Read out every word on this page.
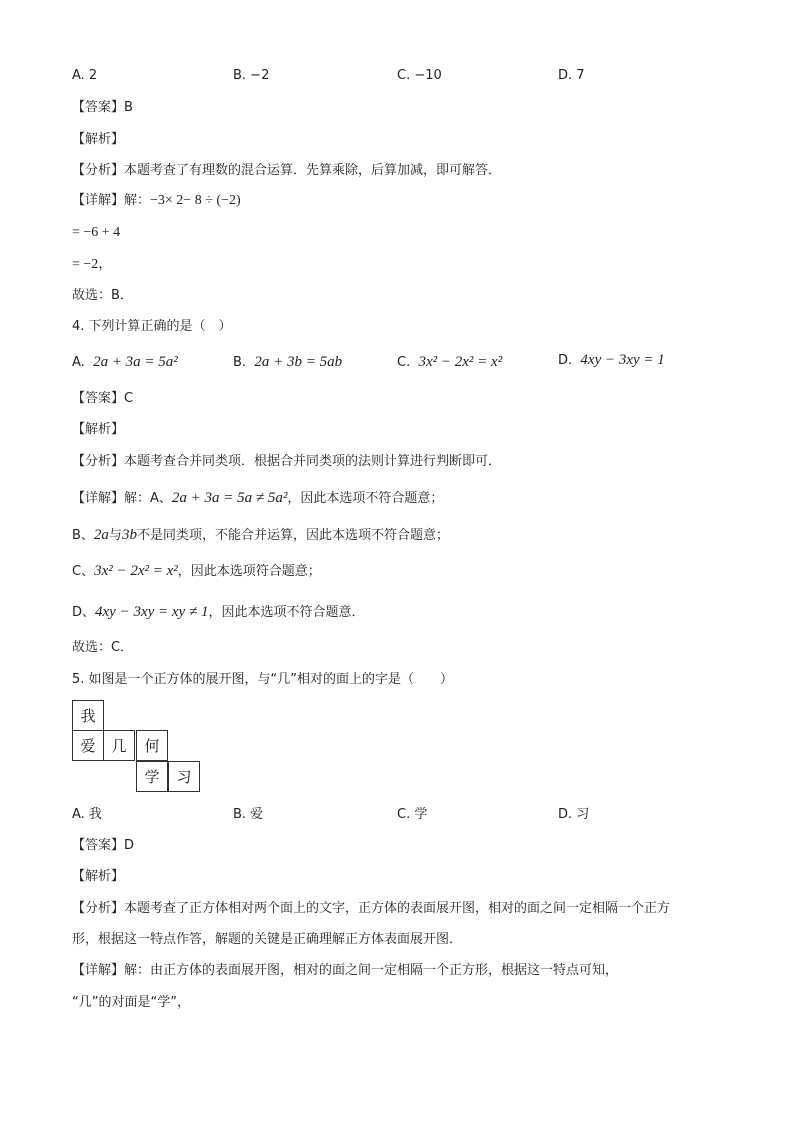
A. 2	B. −2	C. −10	D. 7
【答案】B
【解析】
【分析】本题考查了有理数的混合运算．先算乘除，后算加减，即可解答．
【详解】解：−3× 2− 8 ÷ (−2)
= −6 + 4
= −2，
故选：B．
4. 下列计算正确的是（　）
A. 2a + 3a = 5a²	B. 2a + 3b = 5ab	C. 3x² − 2x² = x²	D. 4xy − 3xy = 1
【答案】C
【解析】
【分析】本题考查合并同类项．根据合并同类项的法则计算进行判断即可．
【详解】解：A、2a + 3a = 5a ≠ 5a²，因此本选项不符合题意；
B、2a与3b不是同类项，不能合并运算，因此本选项不符合题意；
C、3x² − 2x² = x²，因此本选项符合题意；
D、4xy − 3xy = xy ≠ 1，因此本选项不符合题意．
故选：C．
5. 如图是一个正方体的展开图，与“几”相对的面上的字是（　　）
我
爱	几	何
学	习
A. 我	B. 爱	C. 学	D. 习
【答案】D
【解析】
【分析】本题考查了正方体相对两个面上的文字，正方体的表面展开图，相对的面之间一定相隔一个正方
形，根据这一特点作答，解题的关键是正确理解正方体表面展开图．
【详解】解：由正方体的表面展开图，相对的面之间一定相隔一个正方形，根据这一特点可知，
“几”的对面是“学”，
